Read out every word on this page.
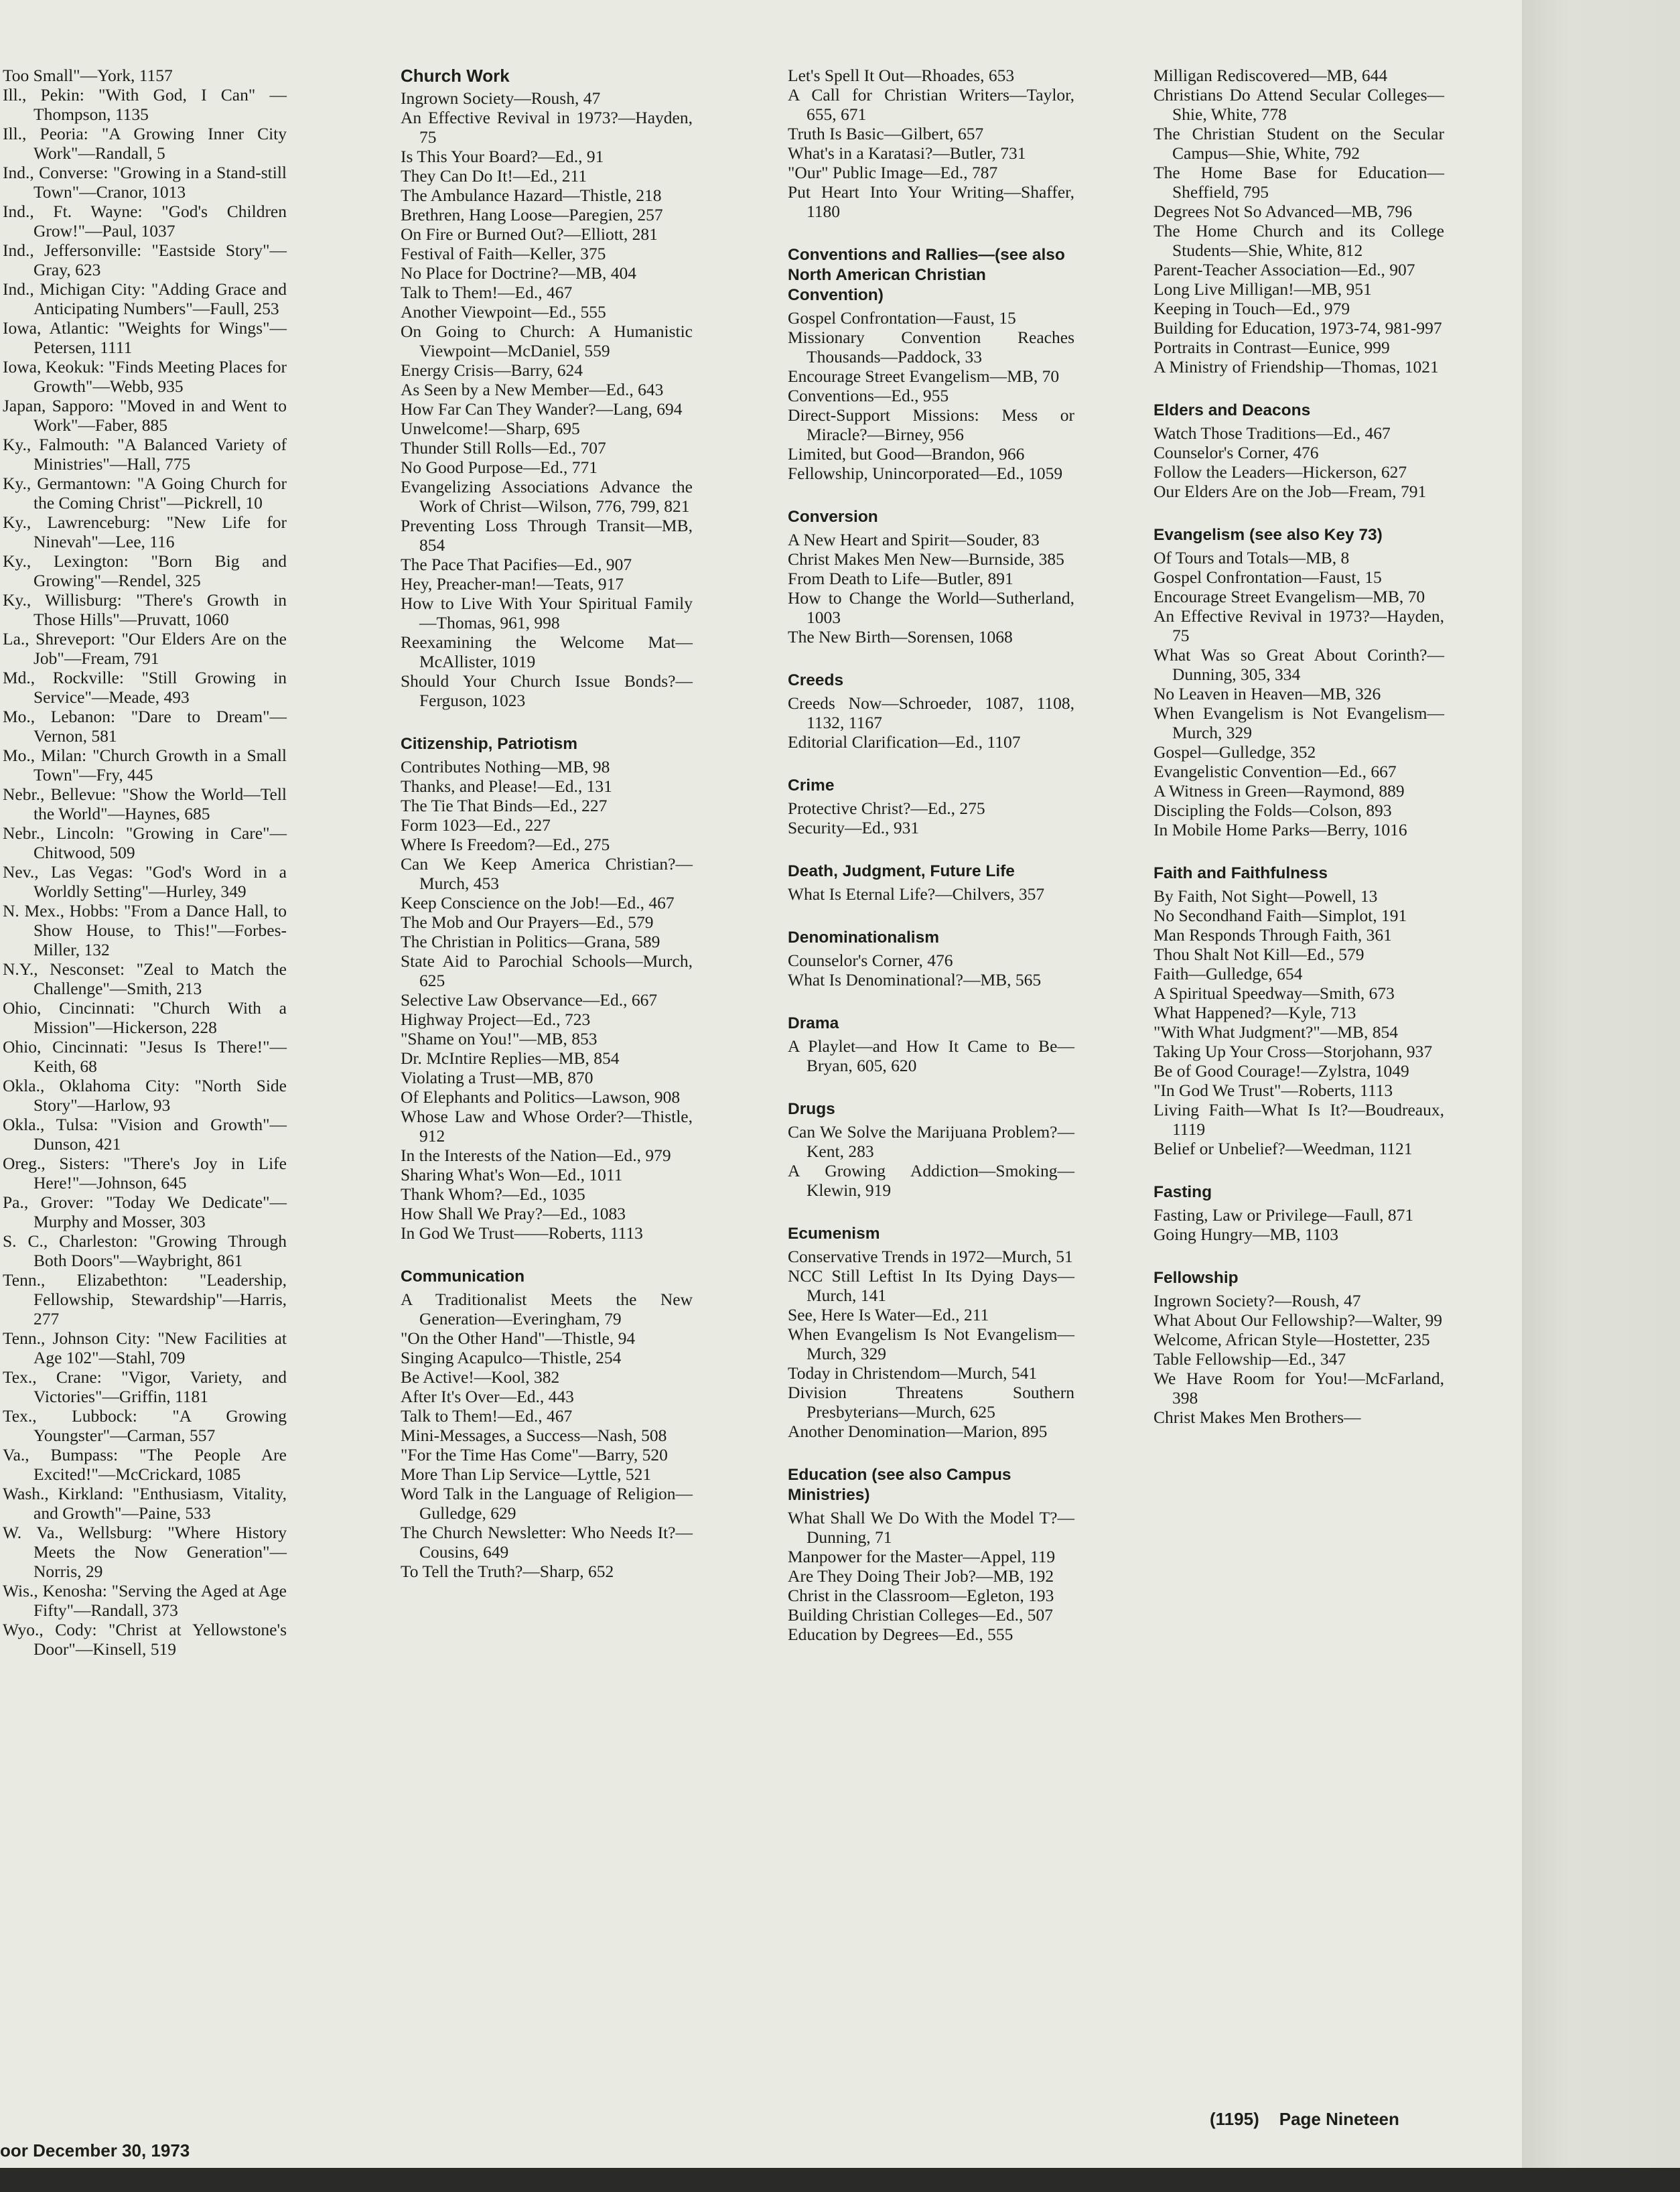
Too Small"—York, 1157
Ill., Pekin: "With God, I Can" —Thompson, 1135
Ill., Peoria: "A Growing Inner City Work"—Randall, 5
Ind., Converse: "Growing in a Stand-still Town"—Cranor, 1013
Ind., Ft. Wayne: "God's Children Grow!"—Paul, 1037
Ind., Jeffersonville: "Eastside Story"—Gray, 623
Ind., Michigan City: "Adding Grace and Anticipating Numbers"—Faull, 253
Iowa, Atlantic: "Weights for Wings"—Petersen, 1111
Iowa, Keokuk: "Finds Meeting Places for Growth"—Webb, 935
Japan, Sapporo: "Moved in and Went to Work"—Faber, 885
Ky., Falmouth: "A Balanced Variety of Ministries"—Hall, 775
Ky., Germantown: "A Going Church for the Coming Christ"—Pickrell, 10
Ky., Lawrenceburg: "New Life for Ninevah"—Lee, 116
Ky., Lexington: "Born Big and Growing"—Rendel, 325
Ky., Willisburg: "There's Growth in Those Hills"—Pruvatt, 1060
La., Shreveport: "Our Elders Are on the Job"—Fream, 791
Md., Rockville: "Still Growing in Service"—Meade, 493
Mo., Lebanon: "Dare to Dream"—Vernon, 581
Mo., Milan: "Church Growth in a Small Town"—Fry, 445
Nebr., Bellevue: "Show the World—Tell the World"—Haynes, 685
Nebr., Lincoln: "Growing in Care"—Chitwood, 509
Nev., Las Vegas: "God's Word in a Worldly Setting"—Hurley, 349
N. Mex., Hobbs: "From a Dance Hall, to Show House, to This!"—Forbes-Miller, 132
N.Y., Nesconset: "Zeal to Match the Challenge"—Smith, 213
Ohio, Cincinnati: "Church With a Mission"—Hickerson, 228
Ohio, Cincinnati: "Jesus Is There!"—Keith, 68
Okla., Oklahoma City: "North Side Story"—Harlow, 93
Okla., Tulsa: "Vision and Growth"—Dunson, 421
Oreg., Sisters: "There's Joy in Life Here!"—Johnson, 645
Pa., Grover: "Today We Dedicate"—Murphy and Mosser, 303
S. C., Charleston: "Growing Through Both Doors"—Waybright, 861
Tenn., Elizabethton: "Leadership, Fellowship, Stewardship"—Harris, 277
Tenn., Johnson City: "New Facilities at Age 102"—Stahl, 709
Tex., Crane: "Vigor, Variety, and Victories"—Griffin, 1181
Tex., Lubbock: "A Growing Youngster"—Carman, 557
Va., Bumpass: "The People Are Excited!"—McCrickard, 1085
Wash., Kirkland: "Enthusiasm, Vitality, and Growth"—Paine, 533
W. Va., Wellsburg: "Where History Meets the Now Generation"—Norris, 29
Wis., Kenosha: "Serving the Aged at Age Fifty"—Randall, 373
Wyo., Cody: "Christ at Yellowstone's Door"—Kinsell, 519
Church Work
Ingrown Society—Roush, 47
An Effective Revival in 1973?—Hayden, 75
Is This Your Board?—Ed., 91
They Can Do It!—Ed., 211
The Ambulance Hazard—Thistle, 218
Brethren, Hang Loose—Paregien, 257
On Fire or Burned Out?—Elliott, 281
Festival of Faith—Keller, 375
No Place for Doctrine?—MB, 404
Talk to Them!—Ed., 467
Another Viewpoint—Ed., 555
On Going to Church: A Humanistic Viewpoint—McDaniel, 559
Energy Crisis—Barry, 624
As Seen by a New Member—Ed., 643
How Far Can They Wander?—Lang, 694
Unwelcome!—Sharp, 695
Thunder Still Rolls—Ed., 707
No Good Purpose—Ed., 771
Evangelizing Associations Advance the Work of Christ—Wilson, 776, 799, 821
Preventing Loss Through Transit—MB, 854
The Pace That Pacifies—Ed., 907
Hey, Preacher-man!—Teats, 917
How to Live With Your Spiritual Family—Thomas, 961, 998
Reexamining the Welcome Mat—McAllister, 1019
Should Your Church Issue Bonds?—Ferguson, 1023
Citizenship, Patriotism
Contributes Nothing—MB, 98
Thanks, and Please!—Ed., 131
The Tie That Binds—Ed., 227
Form 1023—Ed., 227
Where Is Freedom?—Ed., 275
Can We Keep America Christian?—Murch, 453
Keep Conscience on the Job!—Ed., 467
The Mob and Our Prayers—Ed., 579
The Christian in Politics—Grana, 589
State Aid to Parochial Schools—Murch, 625
Selective Law Observance—Ed., 667
Highway Project—Ed., 723
"Shame on You!"—MB, 853
Dr. McIntire Replies—MB, 854
Violating a Trust—MB, 870
Of Elephants and Politics—Lawson, 908
Whose Law and Whose Order?—Thistle, 912
In the Interests of the Nation—Ed., 979
Sharing What's Won—Ed., 1011
Thank Whom?—Ed., 1035
How Shall We Pray?—Ed., 1083
In God We Trust——Roberts, 1113
Communication
A Traditionalist Meets the New Generation—Everingham, 79
"On the Other Hand"—Thistle, 94
Singing Acapulco—Thistle, 254
Be Active!—Kool, 382
After It's Over—Ed., 443
Talk to Them!—Ed., 467
Mini-Messages, a Success—Nash, 508
"For the Time Has Come"—Barry, 520
More Than Lip Service—Lyttle, 521
Word Talk in the Language of Religion—Gulledge, 629
The Church Newsletter: Who Needs It?—Cousins, 649
To Tell the Truth?—Sharp, 652
Let's Spell It Out—Rhoades, 653
A Call for Christian Writers—Taylor, 655, 671
Truth Is Basic—Gilbert, 657
What's in a Karatasi?—Butler, 731
"Our" Public Image—Ed., 787
Put Heart Into Your Writing—Shaffer, 1180
Conventions and Rallies—(see also North American Christian Convention)
Gospel Confrontation—Faust, 15
Missionary Convention Reaches Thousands—Paddock, 33
Encourage Street Evangelism—MB, 70
Conventions—Ed., 955
Direct-Support Missions: Mess or Miracle?—Birney, 956
Limited, but Good—Brandon, 966
Fellowship, Unincorporated—Ed., 1059
Conversion
A New Heart and Spirit—Souder, 83
Christ Makes Men New—Burnside, 385
From Death to Life—Butler, 891
How to Change the World—Sutherland, 1003
The New Birth—Sorensen, 1068
Creeds
Creeds Now—Schroeder, 1087, 1108, 1132, 1167
Editorial Clarification—Ed., 1107
Crime
Protective Christ?—Ed., 275
Security—Ed., 931
Death, Judgment, Future Life
What Is Eternal Life?—Chilvers, 357
Denominationalism
Counselor's Corner, 476
What Is Denominational?—MB, 565
Drama
A Playlet—and How It Came to Be—Bryan, 605, 620
Drugs
Can We Solve the Marijuana Problem?—Kent, 283
A Growing Addiction—Smoking—Klewin, 919
Ecumenism
Conservative Trends in 1972—Murch, 51
NCC Still Leftist In Its Dying Days—Murch, 141
See, Here Is Water—Ed., 211
When Evangelism Is Not Evangelism—Murch, 329
Today in Christendom—Murch, 541
Division Threatens Southern Presbyterians—Murch, 625
Another Denomination—Marion, 895
Education (see also Campus Ministries)
What Shall We Do With the Model T?—Dunning, 71
Manpower for the Master—Appel, 119
Are They Doing Their Job?—MB, 192
Christ in the Classroom—Egleton, 193
Building Christian Colleges—Ed., 507
Education by Degrees—Ed., 555
Milligan Rediscovered—MB, 644
Christians Do Attend Secular Colleges—Shie, White, 778
The Christian Student on the Secular Campus—Shie, White, 792
The Home Base for Education—Sheffield, 795
Degrees Not So Advanced—MB, 796
The Home Church and its College Students—Shie, White, 812
Parent-Teacher Association—Ed., 907
Long Live Milligan!—MB, 951
Keeping in Touch—Ed., 979
Building for Education, 1973-74, 981-997
Portraits in Contrast—Eunice, 999
A Ministry of Friendship—Thomas, 1021
Elders and Deacons
Watch Those Traditions—Ed., 467
Counselor's Corner, 476
Follow the Leaders—Hickerson, 627
Our Elders Are on the Job—Fream, 791
Evangelism (see also Key 73)
Of Tours and Totals—MB, 8
Gospel Confrontation—Faust, 15
Encourage Street Evangelism—MB, 70
An Effective Revival in 1973?—Hayden, 75
What Was so Great About Corinth?—Dunning, 305, 334
No Leaven in Heaven—MB, 326
When Evangelism is Not Evangelism—Murch, 329
Gospel—Gulledge, 352
Evangelistic Convention—Ed., 667
A Witness in Green—Raymond, 889
Discipling the Folds—Colson, 893
In Mobile Home Parks—Berry, 1016
Faith and Faithfulness
By Faith, Not Sight—Powell, 13
No Secondhand Faith—Simplot, 191
Man Responds Through Faith, 361
Thou Shalt Not Kill—Ed., 579
Faith—Gulledge, 654
A Spiritual Speedway—Smith, 673
What Happened?—Kyle, 713
"With What Judgment?"—MB, 854
Taking Up Your Cross—Storjohann, 937
Be of Good Courage!—Zylstra, 1049
"In God We Trust"—Roberts, 1113
Living Faith—What Is It?—Boudreaux, 1119
Belief or Unbelief?—Weedman, 1121
Fasting
Fasting, Law or Privilege—Faull, 871
Going Hungry—MB, 1103
Fellowship
Ingrown Society?—Roush, 47
What About Our Fellowship?—Walter, 99
Welcome, African Style—Hostetter, 235
Table Fellowship—Ed., 347
We Have Room for You!—McFarland, 398
Christ Makes Men Brothers—
oor December 30, 1973
(1195) Page Nineteen
